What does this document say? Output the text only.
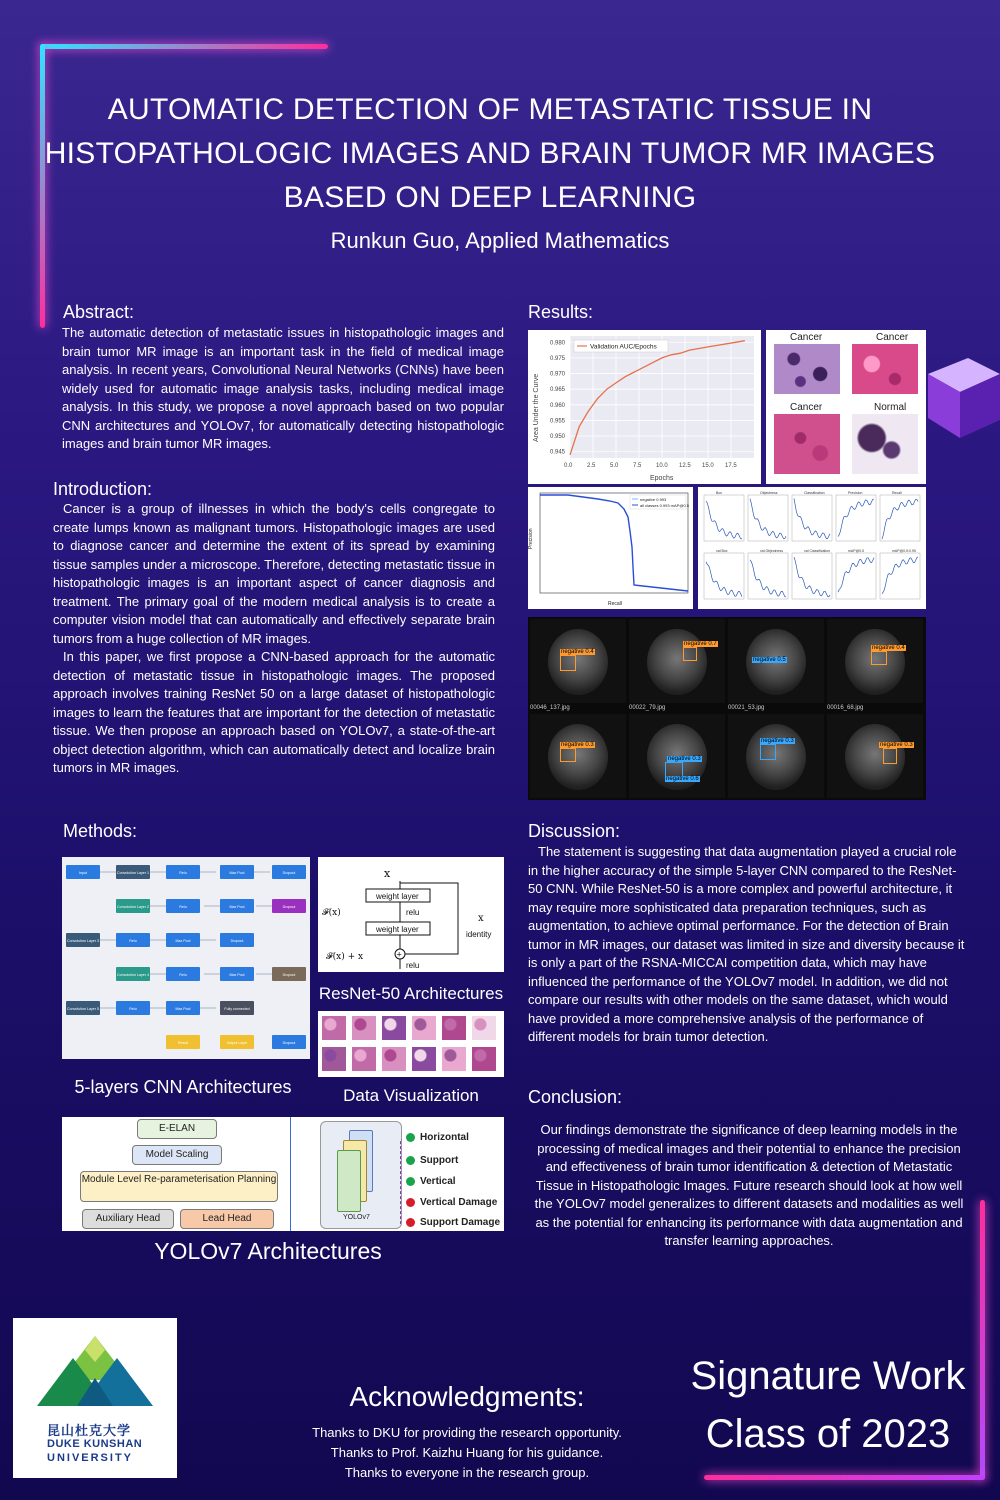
AUTOMATIC DETECTION OF METASTATIC TISSUE IN HISTOPATHOLOGIC IMAGES AND BRAIN TUMOR MR IMAGES BASED ON DEEP LEARNING
Runkun Guo, Applied Mathematics
Abstract:
The automatic detection of metastatic issues in histopathologic images and brain tumor MR image is an important task in the field of medical image analysis. In recent years, Convolutional Neural Networks (CNNs) have been widely used for automatic image analysis tasks, including medical image analysis. In this study, we propose a novel approach based on two popular CNN architectures and YOLOv7, for automatically detecting histopathologic images and brain tumor MR images.
Introduction:

Cancer is a group of illnesses in which the body's cells congregate to create lumps known as malignant tumors. Histopathologic images are used to diagnose cancer and determine the extent of its spread by examining tissue samples under a microscope. Therefore, detecting metastatic tissue in histopathologic images is an important aspect of cancer diagnosis and treatment. The primary goal of the modern medical analysis is to create a computer vision model that can automatically and effectively separate brain tumors from a huge collection of MR images.

In this paper, we first propose a CNN-based approach for the automatic detection of metastatic tissue in histopathologic images. The proposed approach involves training ResNet 50 on a large dataset of histopathologic images to learn the features that are important for the detection of metastatic tissue. We then propose an approach based on YOLOv7, a state-of-the-art object detection algorithm, which can automatically detect and localize brain tumors in MR images.

Results:
0.0 2.5 5.0 7.5 10.0 12.5 15.0 17.5
0.945
0.950
0.955
0.960
0.965
0.970
0.975
0.980
Validation AUC/Epochs
Epochs
Area Under the Curve
Cancer	Cancer
Cancer	Normal
negative 0.993
all classes 0.993 mAP@0.5
Recall
Precision
Box	Objectness	Classification	Precision	Recall
val Box	val Objectness	val Classification	mAP@0.5	mAP@0.5:0.95
negative 0.4
negative 0.7
negative 0.5
negative 0.4
00046_137.jpg	00022_79.jpg	00021_53.jpg	00016_68.jpg
negative 0.3
negative 0.3
negative 0.6
negative 0.3
negative 0.3
Methods:
Input	Convolution Layer 1	Relu	Max Pool	Dropout
Dropout
Max Pool
Relu
Convolution Layer 2
Convolution Layer 3	Relu	Max Pool	Dropout
Dropout
Max Pool
Relu
Convolution Layer 4
Convolution Layer 5	Relu	Max Pool	Fully connected
Result	Output Layer	Dropout
5-layers CNN Architectures
x
weight layer
𝓕(x)	relu
weight layer
+
x
identity
𝓕(x) + x
relu
ResNet-50 Architectures
Data Visualization
E-ELAN
Model Scaling
Module Level Re-parameterisation Planning
Auxiliary Head	Lead Head	YOLOv7
Horizontal
Support
Vertical
Vertical Damage
Support Damage
YOLOv7 Architectures
Discussion:

The statement is suggesting that data augmentation played a crucial role in the higher accuracy of the simple 5-layer CNN compared to the ResNet-50 CNN. While ResNet-50 is a more complex and powerful architecture, it may require more sophisticated data preparation techniques, such as augmentation, to achieve optimal performance. For the detection of Brain tumor in MR images, our dataset was limited in size and diversity because it is only a part of the RSNA-MICCAI competition data, which may have influenced the performance of the YOLOv7 model. In addition, we did not compare our results with other models on the same dataset, which would have provided a more comprehensive analysis of the performance of different models for brain tumor detection.

Conclusion:
Our findings demonstrate the significance of deep learning models in the processing of medical images and their potential to enhance the precision and effectiveness of brain tumor identification & detection of Metastatic Tissue in Histopathologic Images. Future research should look at how well the YOLOv7 model generalizes to different datasets and modalities as well as the potential for enhancing its performance with data augmentation and transfer learning approaches.
昆山杜克大学
DUKE KUNSHAN
UNIVERSITY
Acknowledgments:
Thanks to DKU for providing the research opportunity.
Thanks to Prof. Kaizhu Huang for his guidance.
Thanks to everyone in the research group.
Signature Work
Class of 2023
